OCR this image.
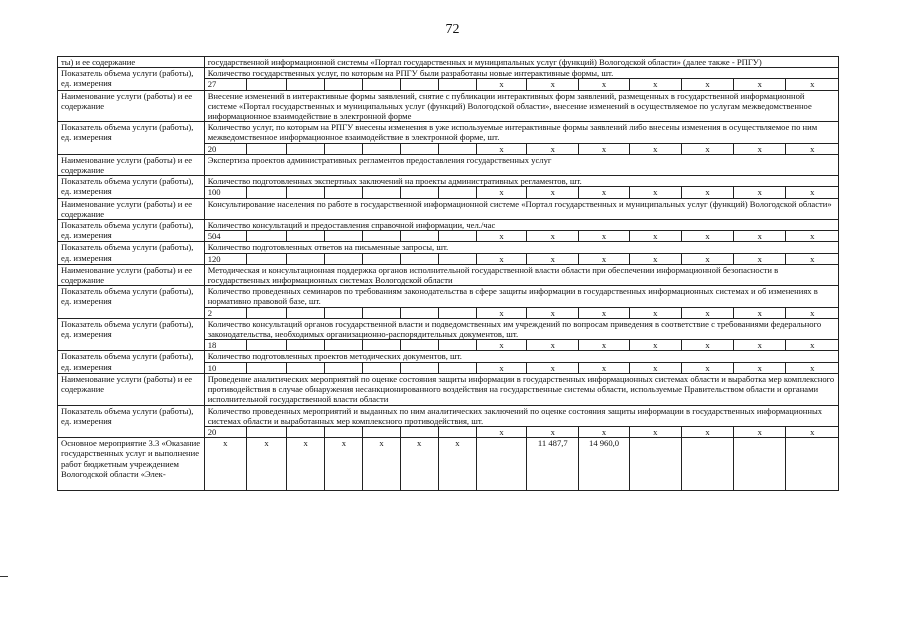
72
ты) и ее содержание	государственной информационной системы «Портал государственных и муниципальных услуг (функций) Вологодской области» (далее также - РПГУ)													
Показатель объема услуги (работы), ед. измерения	Количество государственных услуг, по которым на РПГУ были разработаны новые интерактивные формы, шт.													
	27							х	х	х	х	х	х	х
Наименование услуги (работы) и ее содержание	Внесение изменений в интерактивные формы заявлений, снятие с публикации интерактивных форм заявлений, размещенных в государственной информационной системе «Портал государственных и муниципальных услуг (функций) Вологодской области», внесение изменений в осуществляемое по услугам межведомственное информационное взаимодействие в электронной форме													
Показатель объема услуги (работы), ед. измерения	Количество услуг, по которым на РПГУ внесены изменения в уже используемые интерактивные формы заявлений либо внесены изменения в осуществляемое по ним межведомственное информационное взаимодействие в электронной форме, шт.													
	20							х	х	х	х	х	х	х
Наименование услуги (работы) и ее содержание	Экспертиза проектов административных регламентов предоставления государственных услуг													
Показатель объема услуги (работы), ед. измерения	Количество подготовленных экспертных заключений на проекты административных регламентов, шт.													
	100							х	х	х	х	х	х	х
Наименование услуги (работы) и ее содержание	Консультирование населения по работе в государственной информационной системе «Портал государственных и муниципальных услуг (функций) Вологодской области»													
Показатель объема услуги (работы), ед. измерения	Количество консультаций и предоставления справочной информации, чел./час													
	504							х	х	х	х	х	х	х
Показатель объема услуги (работы), ед. измерения	Количество подготовленных ответов на письменные запросы, шт.													
	120							х	х	х	х	х	х	х
Наименование услуги (работы) и ее содержание	Методическая и консультационная поддержка органов исполнительной государственной власти области при обеспечении информационной безопасности в государственных информационных системах Вологодской области													
Показатель объема услуги (работы), ед. измерения	Количество проведенных семинаров по требованиям законодательства в сфере защиты информации в государственных информационных системах и об изменениях в нормативно правовой базе, шт.													
	2							х	х	х	х	х	х	х
Показатель объема услуги (работы), ед. измерения	Количество консультаций органов государственной власти и подведомственных им учреждений по вопросам приведения в соответствие с требованиями федерального законодательства, необходимых организационно-распорядительных документов, шт.													
	18							х	х	х	х	х	х	х
Показатель объема услуги (работы), ед. измерения	Количество подготовленных проектов методических документов, шт.													
	10							х	х	х	х	х	х	х
Наименование услуги (работы) и ее содержание	Проведение аналитических мероприятий по оценке состояния защиты информации в государственных информационных системах области и выработка мер комплексного противодействия в случае обнаружения несанкционированного воздействия на государственные системы области, используемые Правительством области и органами исполнительной государственной власти области													
Показатель объема услуги (работы), ед. измерения	Количество проведенных мероприятий и выданных по ним аналитических заключений по оценке состояния защиты информации в государственных информационных системах области и выработанных мер комплексного противодействия, шт.													
	20							х	х	х	х	х	х	х
Основное мероприятие 3.3 «Оказание государственных услуг и выполнение работ бюджетным учреждением Вологодской области «Элек-	х	х	х	х	х	х	х		11 487,7	14 960,0				
